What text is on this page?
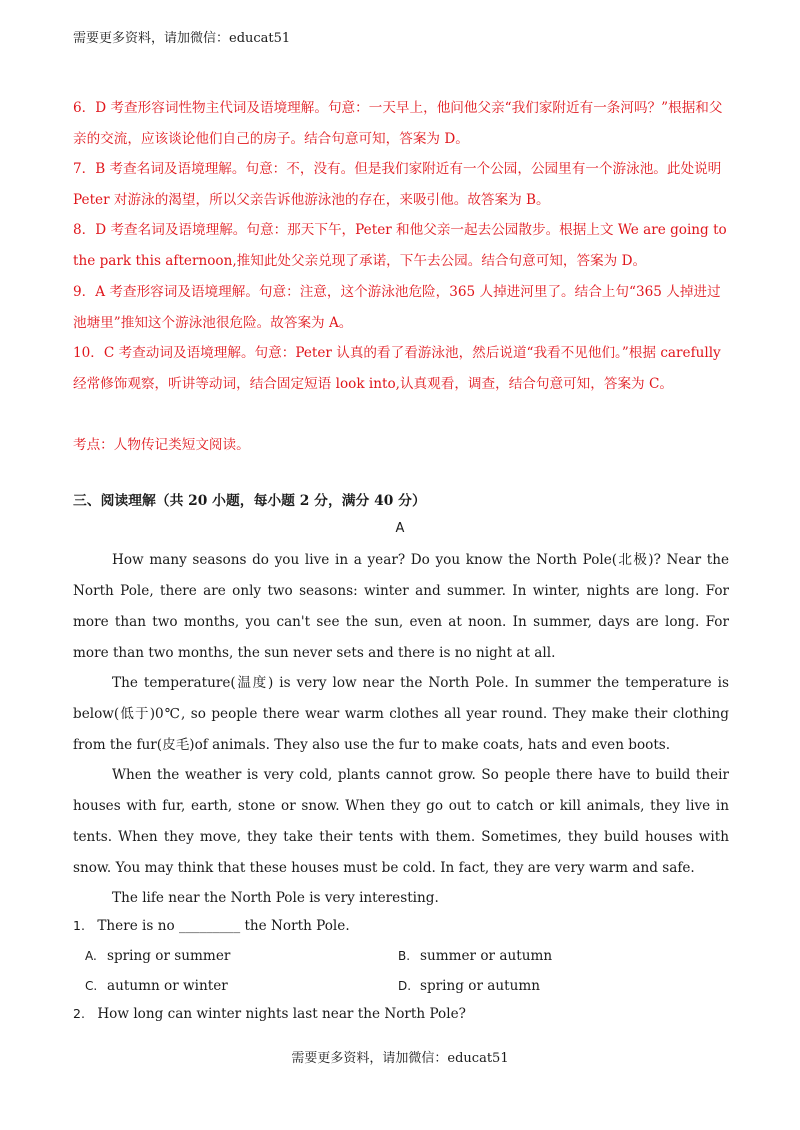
需要更多资料，请加微信：educat51

6．D 考查形容词性物主代词及语境理解。句意：一天早上，他问他父亲“我们家附近有一条河吗？”根据和父亲的交流，应该谈论他们自己的房子。结合句意可知，答案为 D。

7．B 考查名词及语境理解。句意：不，没有。但是我们家附近有一个公园，公园里有一个游泳池。此处说明 Peter 对游泳的渴望，所以父亲告诉他游泳池的存在，来吸引他。故答案为 B。

8．D 考查名词及语境理解。句意：那天下午，Peter 和他父亲一起去公园散步。根据上文 We are going to the park this afternoon,推知此处父亲兑现了承诺，下午去公园。结合句意可知，答案为 D。

9．A 考查形容词及语境理解。句意：注意，这个游泳池危险，365 人掉进河里了。结合上句“365 人掉进过池塘里”推知这个游泳池很危险。故答案为 A。

10．C 考查动词及语境理解。句意：Peter 认真的看了看游泳池，然后说道“我看不见他们。”根据 carefully 经常修饰观察，听讲等动词，结合固定短语 look into,认真观看，调查，结合句意可知，答案为 C。

考点：人物传记类短文阅读。

三、阅读理解（共 20 小题，每小题 2 分，满分 40 分）
A

How many seasons do you live in a year? Do you know the North Pole(北极)? Near the North Pole, there are only two seasons: winter and summer. In winter, nights are long. For more than two months, you can't see the sun, even at noon. In summer, days are long. For more than two months, the sun never sets and there is no night at all.

The temperature(温度) is very low near the North Pole. In summer the temperature is below(低于)0℃, so people there wear warm clothes all year round. They make their clothing from the fur(皮毛)of animals. They also use the fur to make coats, hats and even boots.

When the weather is very cold, plants cannot grow. So people there have to build their houses with fur, earth, stone or snow. When they go out to catch or kill animals, they live in tents. When they move, they take their tents with them. Sometimes, they build houses with snow. You may think that these houses must be cold. In fact, they are very warm and safe.

The life near the North Pole is very interesting.

1. There is no _________ the North Pole.
A. spring or summer	B. summer or autumn
C. autumn or winter	D. spring or autumn
2. How long can winter nights last near the North Pole?
需要更多资料，请加微信：educat51
